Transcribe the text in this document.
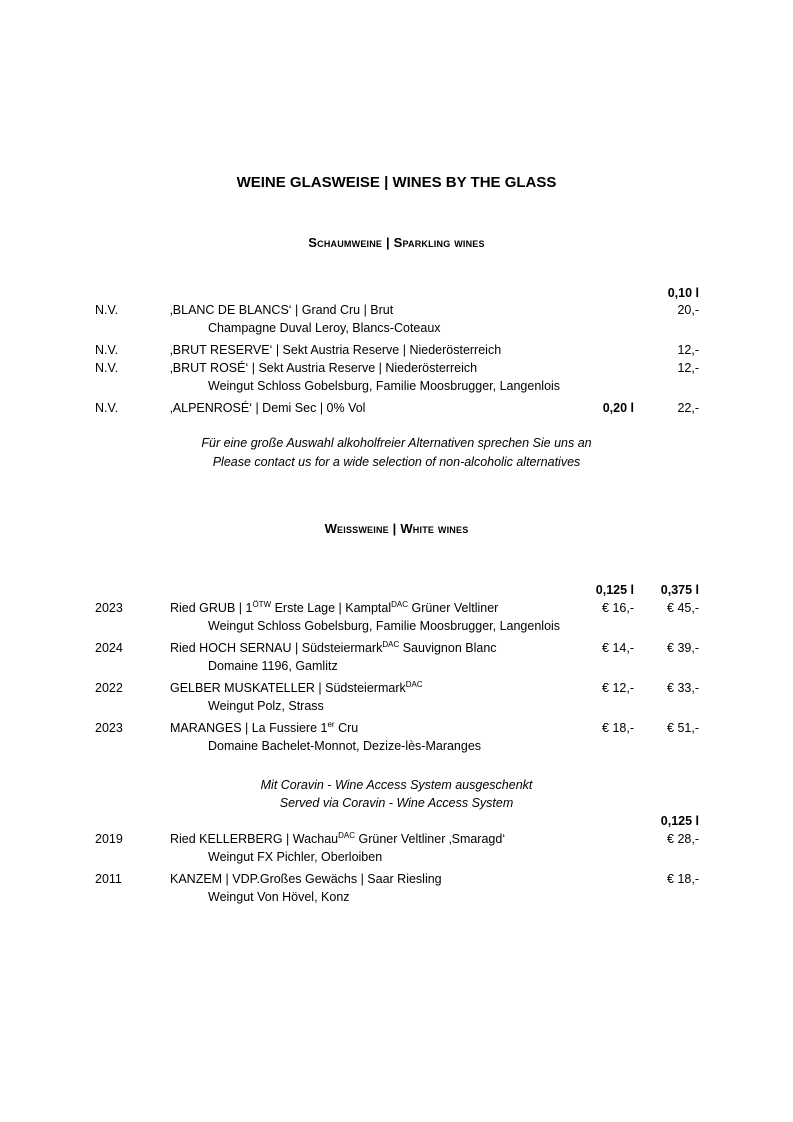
WEINE GLASWEISE | WINES BY THE GLASS
Schaumweine | Sparkling wines
0,10 l
N.V.	‚BLANC DE BLANCS‘ | Grand Cru | Brut	20,-
Champagne Duval Leroy, Blancs-Coteaux
N.V.	‚BRUT RESERVE‘ | Sekt Austria Reserve | Niederösterreich	12,-
N.V.	‚BRUT ROSÉ‘ | Sekt Austria Reserve | Niederösterreich	12,-
Weingut Schloss Gobelsburg, Familie Moosbrugger, Langenlois
N.V.	‚ALPENROSÉ‘ | Demi Sec | 0% Vol	0,20 l	22,-
Für eine große Auswahl alkoholfreier Alternativen sprechen Sie uns an
Please contact us for a wide selection of non-alcoholic alternatives
Weissweine | White wines
0,125 l 0,375 l
2023	Ried GRUB | $1^{ÖTW}$ Erste Lage | Kamptal$^{DAC}$ Grüner Veltliner	€ 16,-	€ 45,-
Weingut Schloss Gobelsburg, Familie Moosbrugger, Langenlois
2024	Ried HOCH SERNAU | Südsteiermark$^{DAC}$ Sauvignon Blanc	€ 14,-	€ 39,-
Domaine 1196, Gamlitz
2022	GELBER MUSKATELLER | Südsteiermark$^{DAC}$	€ 12,-	€ 33,-
Weingut Polz, Strass
2023	MARANGES | La Fussiere 1er Cru	€ 18,-	€ 51,-
Domaine Bachelet-Monnot, Dezize-lès-Maranges
Mit Coravin - Wine Access System ausgeschenkt
Served via Coravin - Wine Access System
0,125 l
2019	Ried KELLERBERG | Wachau$^{DAC}$ Grüner Veltliner ‚Smaragd‘	€ 28,-
Weingut FX Pichler, Oberloiben
2011	KANZEM | VDP.Großes Gewächs | Saar Riesling	€ 18,-
Weingut Von Hövel, Konz
